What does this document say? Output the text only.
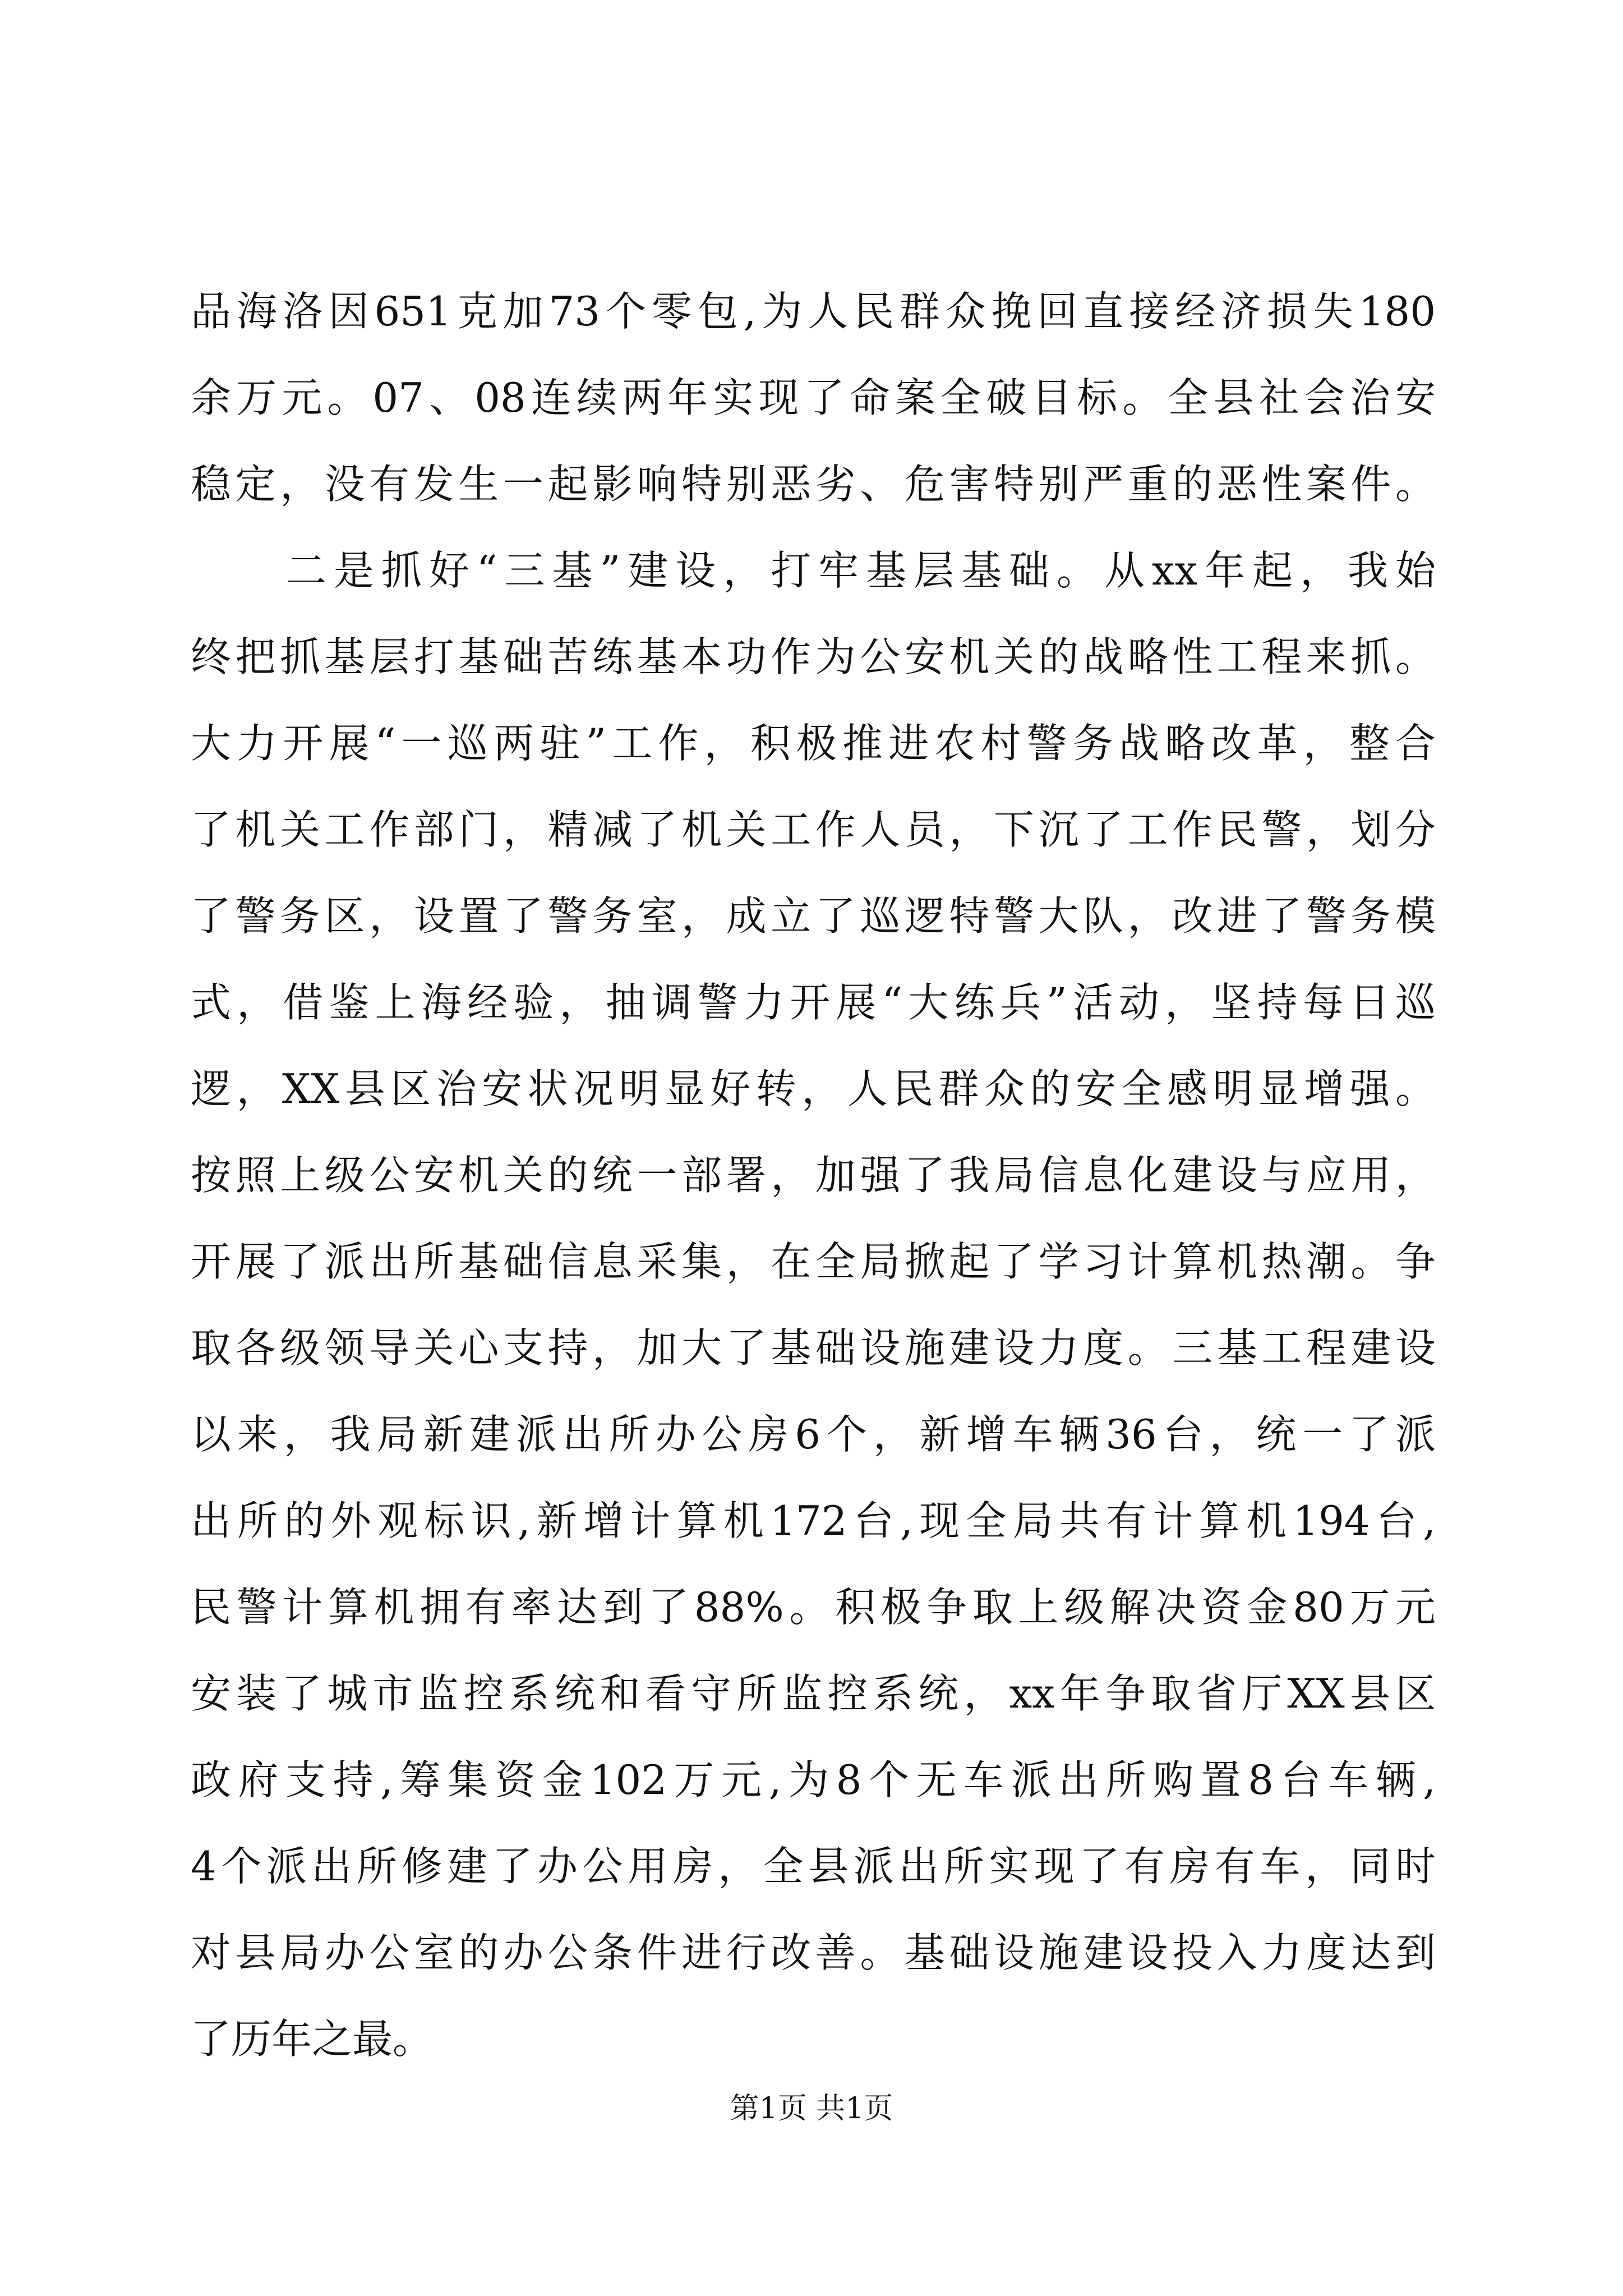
品海洛因651克加73个零包,为人民群众挽回直接经济损失180
余万元。07、08连续两年实现了命案全破目标。全县社会治安
稳定，没有发生一起影响特别恶劣、危害特别严重的恶性案件。
　　二是抓好“三基”建设，打牢基层基础。从xx年起，我始
终把抓基层打基础苦练基本功作为公安机关的战略性工程来抓。
大力开展“一巡两驻”工作，积极推进农村警务战略改革，整合
了机关工作部门，精减了机关工作人员，下沉了工作民警，划分
了警务区，设置了警务室，成立了巡逻特警大队，改进了警务模
式，借鉴上海经验，抽调警力开展“大练兵”活动，坚持每日巡
逻，XX县区治安状况明显好转，人民群众的安全感明显增强。
按照上级公安机关的统一部署，加强了我局信息化建设与应用，
开展了派出所基础信息采集，在全局掀起了学习计算机热潮。争
取各级领导关心支持，加大了基础设施建设力度。三基工程建设
以来，我局新建派出所办公房6个，新增车辆36台，统一了派
出所的外观标识,新增计算机172台,现全局共有计算机194台,
民警计算机拥有率达到了88%。积极争取上级解决资金80万元
安装了城市监控系统和看守所监控系统，xx年争取省厅XX县区
政府支持,筹集资金102万元,为8个无车派出所购置8台车辆,
4个派出所修建了办公用房，全县派出所实现了有房有车，同时
对县局办公室的办公条件进行改善。基础设施建设投入力度达到
了历年之最。
第1页 共1页
